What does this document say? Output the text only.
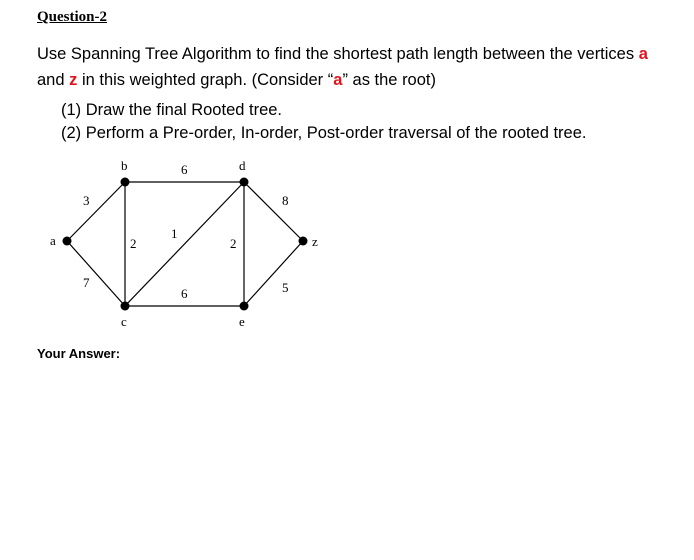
Question-2

Use Spanning Tree Algorithm to find the shortest path length between the vertices a
and z in this weighted graph. (Consider “a” as the root)

(1) Draw the final Rooted tree.
(2) Perform a Pre-order, In-order, Post-order traversal of the rooted tree.
a
b
c
d
e
z
3
7
2
6
1
6
2
8
5

Your Answer:
